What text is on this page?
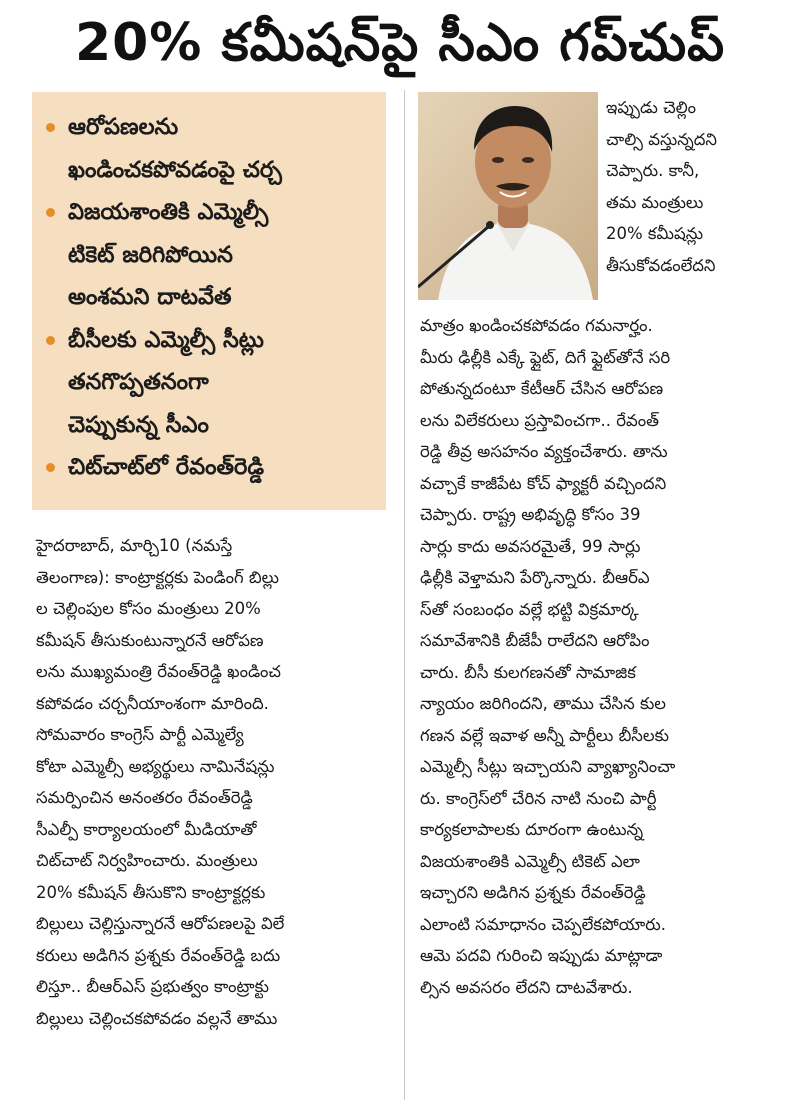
20% కమీషన్‌పై సీఎం గప్‌చుప్
ఆరోపణలను
ఖండించకపోవడంపై చర్చ
విజయశాంతికి ఎమ్మెల్సీ
టికెట్ జరిగిపోయిన
అంశమని దాటవేత
బీసీలకు ఎమ్మెల్సీ సీట్లు
తనగొప్పతనంగా
చెప్పుకున్న సీఎం
చిట్‌చాట్‌లో రేవంత్‌రెడ్డి

హైదరాబాద్, మార్చి10 (నమస్తే

తెలంగాణ): కాంట్రాక్టర్లకు పెండింగ్ బిల్లు

ల చెల్లింపుల కోసం మంత్రులు 20%

కమీషన్ తీసుకుంటున్నారనే ఆరోపణ

లను ముఖ్యమంత్రి రేవంత్‌రెడ్డి ఖండించ

కపోవడం చర్చనీయాంశంగా మారింది.

సోమవారం కాంగ్రెస్ పార్టీ ఎమ్మెల్యే

కోటా ఎమ్మెల్సీ అభ్యర్థులు నామినేషన్లు

సమర్పించిన అనంతరం రేవంత్‌రెడ్డి

సీఎల్పీ కార్యాలయంలో మీడియాతో

చిట్‌చాట్ నిర్వహించారు. మంత్రులు

20% కమీషన్ తీసుకొని కాంట్రాక్టర్లకు

బిల్లులు చెల్లిస్తున్నారనే ఆరోపణలపై విలే

కరులు అడిగిన ప్రశ్నకు రేవంత్‌రెడ్డి బదు

లిస్తూ.. బీఆర్‌ఎస్ ప్రభుత్వం కాంట్రాక్టు

బిల్లులు చెల్లించకపోవడం వల్లనే తాము

ఇప్పుడు చెల్లిం

చాల్సి వస్తున్నదని

చెప్పారు. కానీ,

తమ మంత్రులు

20% కమీషన్లు

తీసుకోవడంలేదని

మాత్రం ఖండించకపోవడం గమనార్హం.

మీరు ఢిల్లీకి ఎక్కే ఫ్లైట్, దిగే ఫ్లైట్‌తోనే సరి

పోతున్నదంటూ కేటీఆర్ చేసిన ఆరోపణ

లను విలేకరులు ప్రస్తావించగా.. రేవంత్

రెడ్డి తీవ్ర అసహనం వ్యక్తంచేశారు. తాను

వచ్చాకే కాజీపేట కోచ్ ఫ్యాక్టరీ వచ్చిందని

చెప్పారు. రాష్ట్ర అభివృద్ధి కోసం 39

సార్లు కాదు అవసరమైతే, 99 సార్లు

ఢిల్లీకి వెళ్తామని పేర్కొన్నారు. బీఆర్‌ఎ

స్‌తో సంబంధం వల్లే భట్టి విక్రమార్క

సమావేశానికి బీజేపీ రాలేదని ఆరోపిం

చారు. బీసీ కులగణనతో సామాజిక

న్యాయం జరిగిందని, తాము చేసిన కుల

గణన వల్లే ఇవాళ అన్నీ పార్టీలు బీసీలకు

ఎమ్మెల్సీ సీట్లు ఇచ్చాయని వ్యాఖ్యానించా

రు. కాంగ్రెస్‌లో చేరిన నాటి నుంచి పార్టీ

కార్యకలాపాలకు దూరంగా ఉంటున్న

విజయశాంతికి ఎమ్మెల్సీ టికెట్ ఎలా

ఇచ్చారని అడిగిన ప్రశ్నకు రేవంత్‌రెడ్డి

ఎలాంటి సమాధానం చెప్పలేకపోయారు.

ఆమె పదవి గురించి ఇప్పుడు మాట్లాడా

ల్సిన అవసరం లేదని దాటవేశారు.
